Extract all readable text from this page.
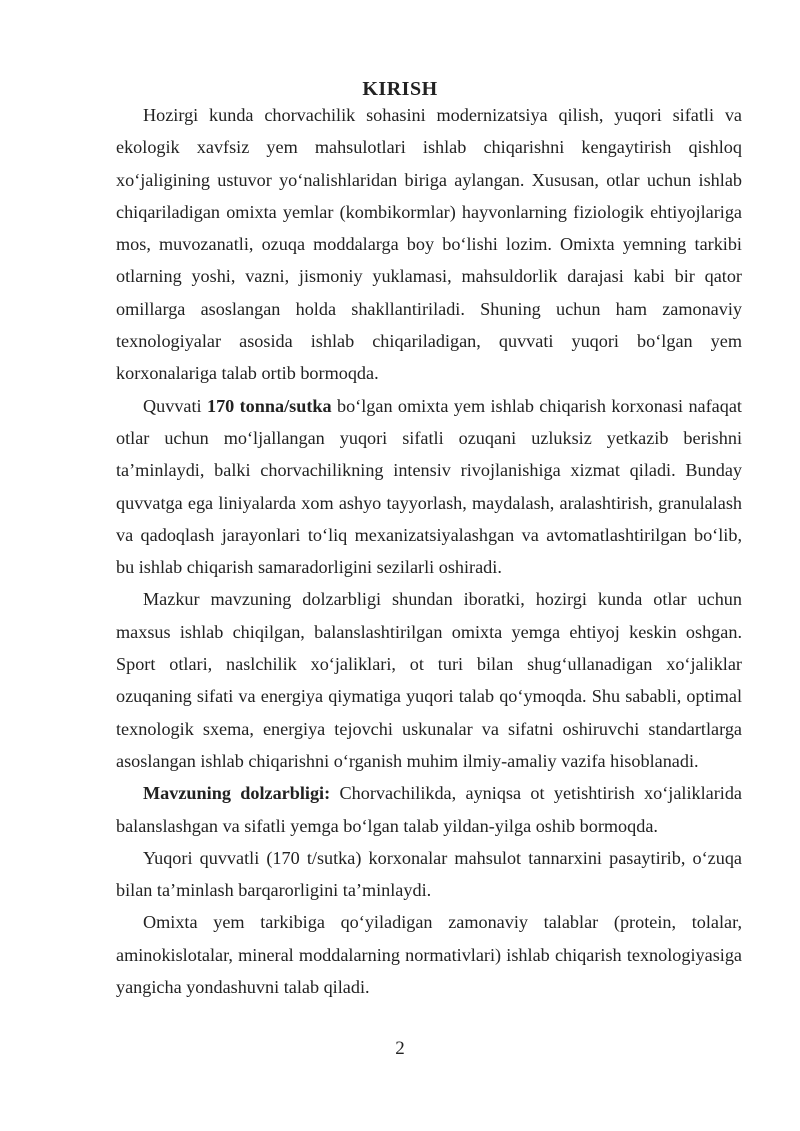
KIRISH

Hozirgi kunda chorvachilik sohasini modernizatsiya qilish, yuqori sifatli va ekologik xavfsiz yem mahsulotlari ishlab chiqarishni kengaytirish qishloq xo‘jaligining ustuvor yo‘nalishlaridan biriga aylangan. Xususan, otlar uchun ishlab chiqariladigan omixta yemlar (kombikormlar) hayvonlarning fiziologik ehtiyojlariga mos, muvozanatli, ozuqa moddalarga boy bo‘lishi lozim. Omixta yemning tarkibi otlarning yoshi, vazni, jismoniy yuklamasi, mahsuldorlik darajasi kabi bir qator omillarga asoslangan holda shakllantiriladi. Shuning uchun ham zamonaviy texnologiyalar asosida ishlab chiqariladigan, quvvati yuqori bo‘lgan yem korxonalariga talab ortib bormoqda.

Quvvati 170 tonna/sutka bo‘lgan omixta yem ishlab chiqarish korxonasi nafaqat otlar uchun mo‘ljallangan yuqori sifatli ozuqani uzluksiz yetkazib berishni ta’minlaydi, balki chorvachilikning intensiv rivojlanishiga xizmat qiladi. Bunday quvvatga ega liniyalarda xom ashyo tayyorlash, maydalash, aralashtirish, granulalash va qadoqlash jarayonlari to‘liq mexanizatsiyalashgan va avtomatlashtirilgan bo‘lib, bu ishlab chiqarish samaradorligini sezilarli oshiradi.

Mazkur mavzuning dolzarbligi shundan iboratki, hozirgi kunda otlar uchun maxsus ishlab chiqilgan, balanslashtirilgan omixta yemga ehtiyoj keskin oshgan. Sport otlari, naslchilik xo‘jaliklari, ot turi bilan shug‘ullanadigan xo‘jaliklar ozuqaning sifati va energiya qiymatiga yuqori talab qo‘ymoqda. Shu sababli, optimal texnologik sxema, energiya tejovchi uskunalar va sifatni oshiruvchi standartlarga asoslangan ishlab chiqarishni o‘rganish muhim ilmiy-amaliy vazifa hisoblanadi.

Mavzuning dolzarbligi: Chorvachilikda, ayniqsa ot yetishtirish xo‘jaliklarida balanslashgan va sifatli yemga bo‘lgan talab yildan-yilga oshib bormoqda.

Yuqori quvvatli (170 t/sutka) korxonalar mahsulot tannarxini pasaytirib, o‘zuqa bilan ta’minlash barqarorligini ta’minlaydi.

Omixta yem tarkibiga qo‘yiladigan zamonaviy talablar (protein, tolalar, aminokislotalar, mineral moddalarning normativlari) ishlab chiqarish texnologiyasiga yangicha yondashuvni talab qiladi.

2
